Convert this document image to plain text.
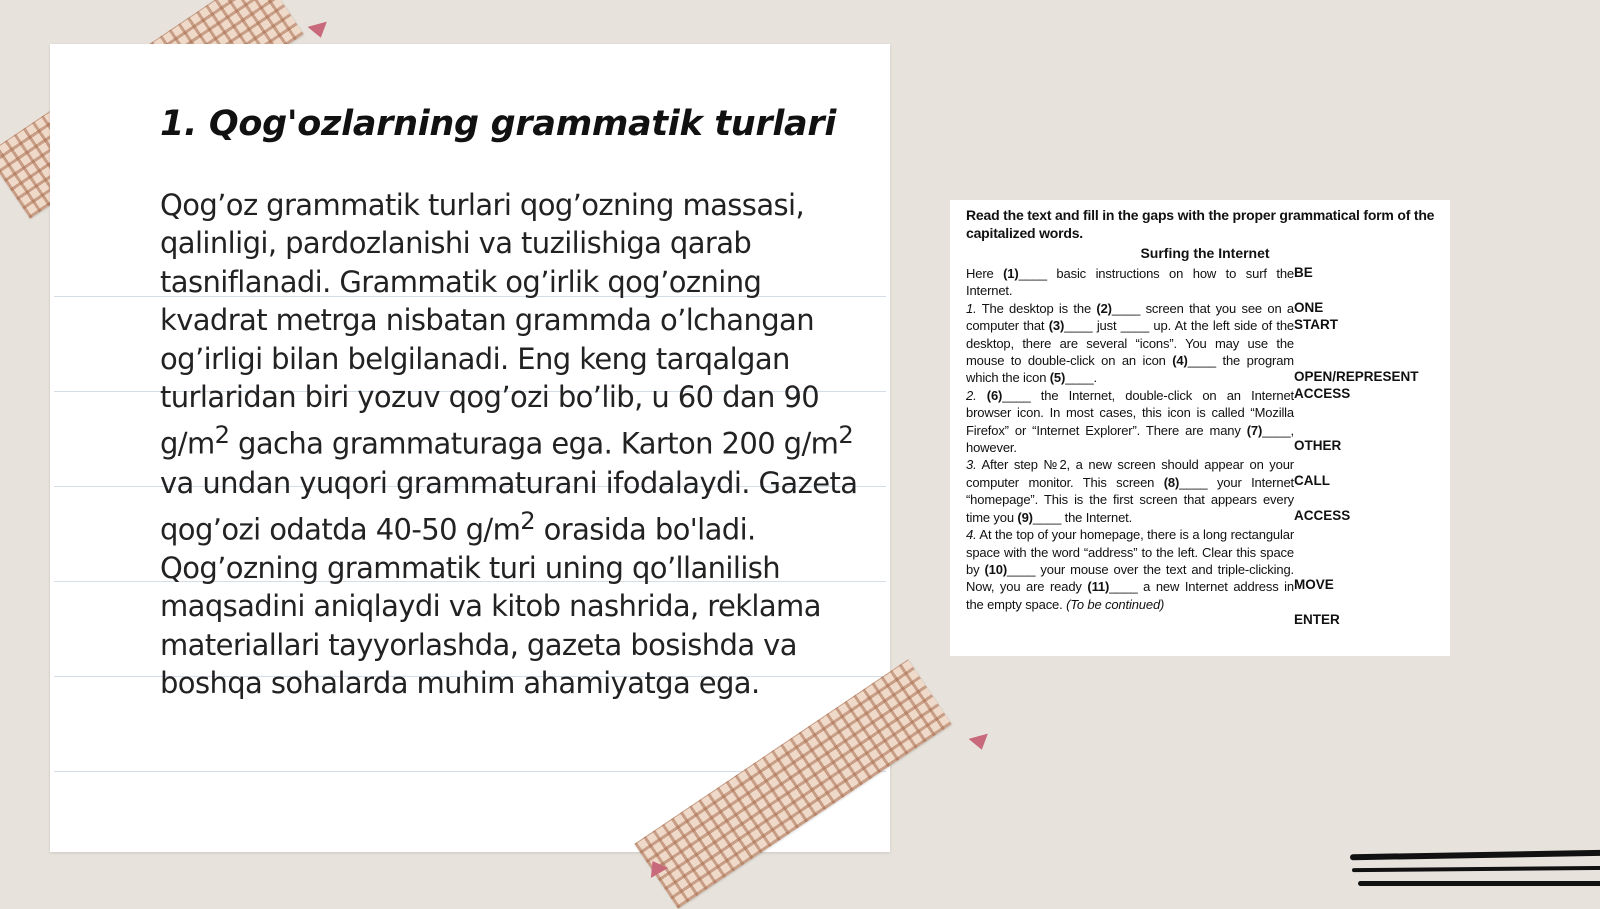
1. Qog'ozlarning grammatik turlari

Qog’oz grammatik turlari qog’ozning massasi, qalinligi, pardozlanishi va tuzilishiga qarab tasniflanadi. Grammatik og’irlik qog’ozning kvadrat metrga nisbatan grammda o’lchangan og’irligi bilan belgilanadi. Eng keng tarqalgan turlaridan biri yozuv qog’ozi bo’lib, u 60 dan 90 $g/m^2$ gacha grammaturaga ega. Karton 200 $g/m^2$ va undan yuqori grammaturani ifodalaydi. Gazeta qog’ozi odatda 40-50 $g/m^2$ orasida bo'ladi. Qog’ozning grammatik turi uning qo’llanilish maqsadini aniqlaydi va kitob nashrida, reklama materiallari tayyorlashda, gazeta bosishda va boshqa sohalarda muhim ahamiyatga ega.

Read the text and fill in the gaps with the proper grammatical form of the capitalized words.

Surfing the Internet
Here (1)____ basic instructions on how to surf the Internet.
1. The desktop is the (2)____ screen that you see on a computer that (3)____ just ____ up. At the left side of the desktop, there are several “icons”. You may use the mouse to double-click on an icon (4)____ the program which the icon (5)____.
2. (6)____ the Internet, double-click on an Internet browser icon. In most cases, this icon is called “Mozilla Firefox” or “Internet Explorer”. There are many (7)____, however.
3. After step №2, a new screen should appear on your computer monitor. This screen (8)____ your Internet “homepage”. This is the first screen that appears every time you (9)____ the Internet.
4. At the top of your homepage, there is a long rectangular space with the word “address” to the left. Clear this space by (10)____ your mouse over the text and triple-clicking. Now, you are ready (11)____ a new Internet address in the empty space. (To be continued)
BE
ONE
START
OPEN/REPRESENT
ACCESS
OTHER
CALL
ACCESS
MOVE
ENTER
